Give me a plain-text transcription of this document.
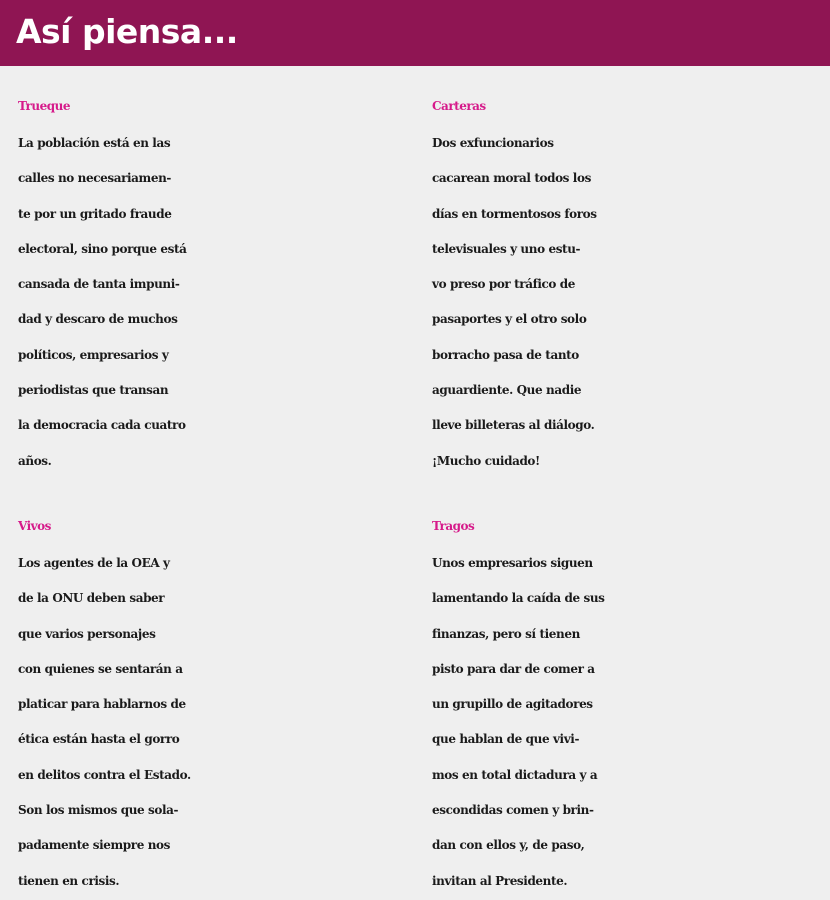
Así piensa...
Trueque
La población está en las
calles no necesariamen-
te por un gritado fraude
electoral, sino porque está
cansada de tanta impuni-
dad y descaro de muchos
políticos, empresarios y
periodistas que transan
la democracia cada cuatro
años.
Carteras
Dos exfuncionarios
cacarean moral todos los
días en tormentosos foros
televisuales y uno estu-
vo preso por tráfico de
pasaportes y el otro solo
borracho pasa de tanto
aguardiente. Que nadie
lleve billeteras al diálogo.
¡Mucho cuidado!
Vivos
Los agentes de la OEA y
de la ONU deben saber
que varios personajes
con quienes se sentarán a
platicar para hablarnos de
ética están hasta el gorro
en delitos contra el Estado.
Son los mismos que sola-
padamente siempre nos
tienen en crisis.
Tragos
Unos empresarios siguen
lamentando la caída de sus
finanzas, pero sí tienen
pisto para dar de comer a
un grupillo de agitadores
que hablan de que vivi-
mos en total dictadura y a
escondidas comen y brin-
dan con ellos y, de paso,
invitan al Presidente.
